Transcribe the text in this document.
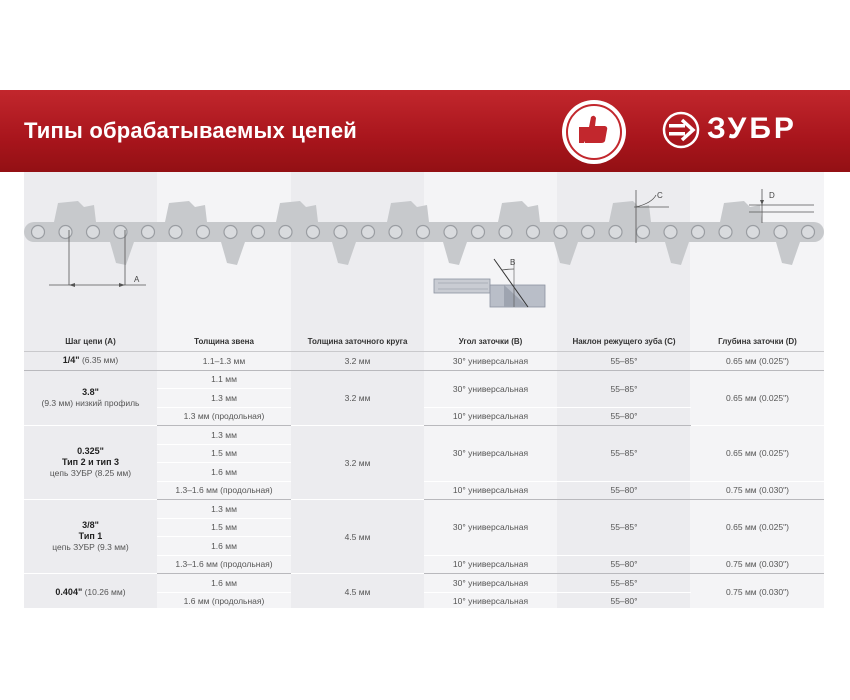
Типы обрабатываемых цепей	ЗУБР
A
C	D
B
Шаг цепи (A)	Толщина звена	Толщина заточного круга	Угол заточки (B)	Наклон режущего зуба (C)	Глубина заточки (D)
1/4" (6.35 мм)	1.1–1.3 мм	3.2 мм	30° универсальная	55–85°	0.65 мм (0.025")
3.8"
(9.3 мм) низкий профиль	1.1 мм	3.2 мм	30° универсальная	55–85°	0.65 мм (0.025")
	1.3 мм				
	1.3 мм (продольная)		10° универсальная	55–80°	
0.325"
Тип 2 и тип 3
цепь ЗУБР (8.25 мм)	1.3 мм	3.2 мм	30° универсальная	55–85°	0.65 мм (0.025")
	1.5 мм				
	1.6 мм				
	1.3–1.6 мм (продольная)		10° универсальная	55–80°	0.75 мм (0.030")
3/8"
Тип 1
цепь ЗУБР (9.3 мм)	1.3 мм	4.5 мм	30° универсальная	55–85°	0.65 мм (0.025")
	1.5 мм				
	1.6 мм				
	1.3–1.6 мм (продольная)		10° универсальная	55–80°	0.75 мм (0.030")
0.404" (10.26 мм)	1.6 мм	4.5 мм	30° универсальная	55–85°	0.75 мм (0.030")
	1.6 мм (продольная)		10° универсальная	55–80°	
